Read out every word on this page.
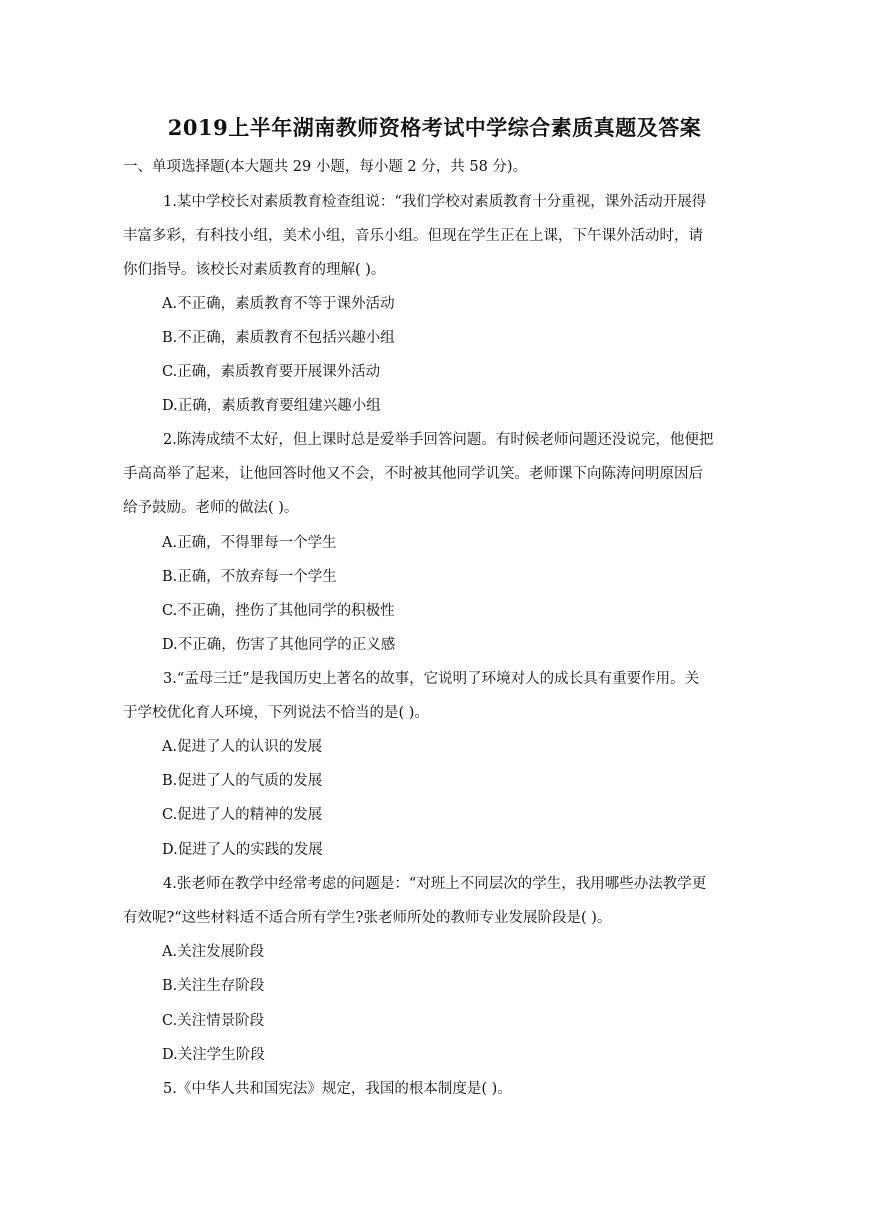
2019上半年湖南教师资格考试中学综合素质真题及答案
一、单项选择题(本大题共 29 小题，每小题 2 分，共 58 分)。
1.某中学校长对素质教育检查组说：“我们学校对素质教育十分重视，课外活动开展得
丰富多彩，有科技小组，美术小组，音乐小组。但现在学生正在上课，下午课外活动时，请
你们指导。该校长对素质教育的理解( )。
A.不正确，素质教育不等于课外活动
B.不正确，素质教育不包括兴趣小组
C.正确，素质教育要开展课外活动
D.正确，素质教育要组建兴趣小组
2.陈涛成绩不太好，但上课时总是爱举手回答问题。有时候老师问题还没说完，他便把
手高高举了起来，让他回答时他又不会，不时被其他同学讥笑。老师课下向陈涛问明原因后
给予鼓励。老师的做法( )。
A.正确，不得罪每一个学生
B.正确，不放弃每一个学生
C.不正确，挫伤了其他同学的积极性
D.不正确，伤害了其他同学的正义感
3.“孟母三迁”是我国历史上著名的故事，它说明了环境对人的成长具有重要作用。关
于学校优化育人环境，下列说法不恰当的是( )。
A.促进了人的认识的发展
B.促进了人的气质的发展
C.促进了人的精神的发展
D.促进了人的实践的发展
4.张老师在教学中经常考虑的问题是：“对班上不同层次的学生，我用哪些办法教学更
有效呢?“这些材料适不适合所有学生?张老师所处的教师专业发展阶段是( )。
A.关注发展阶段
B.关注生存阶段
C.关注情景阶段
D.关注学生阶段
5.《中华人共和国宪法》规定，我国的根本制度是( )。
